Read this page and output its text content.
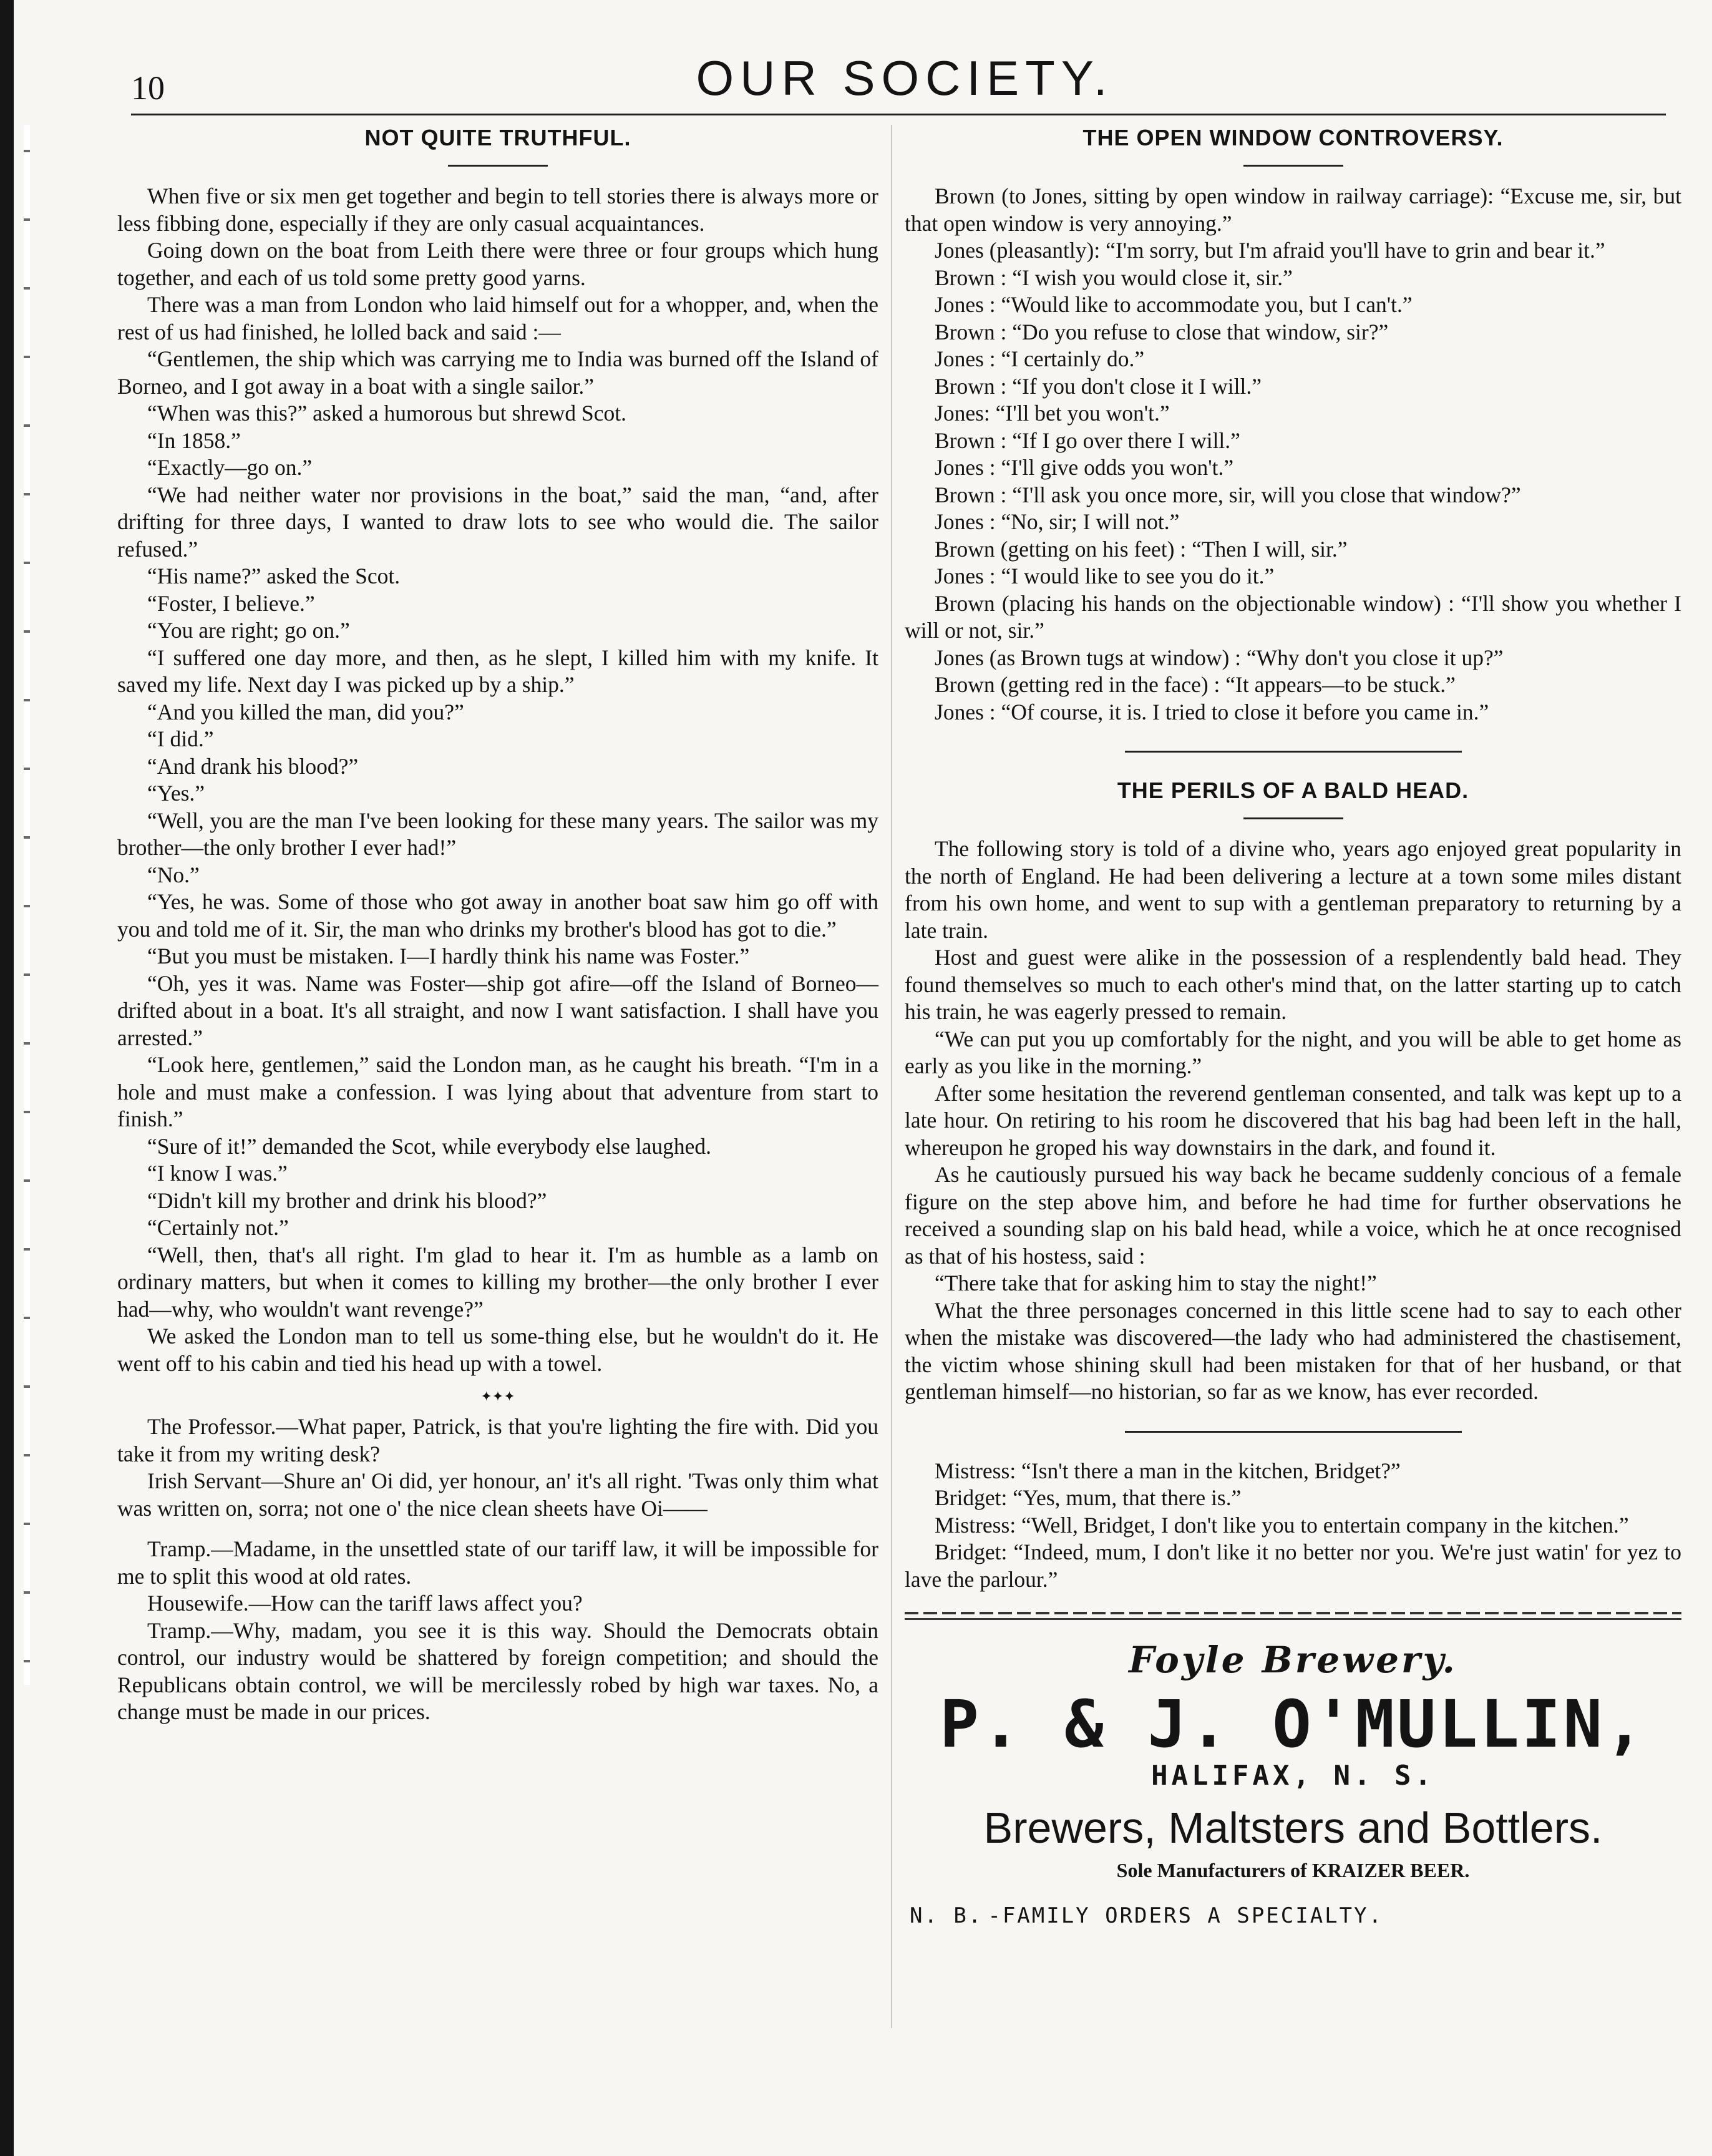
10	OUR SOCIETY.
NOT QUITE TRUTHFUL.

When five or six men get together and begin to tell stories there is always more or less fibbing done, especially if they are only casual acquaintances.

Going down on the boat from Leith there were three or four groups which hung together, and each of us told some pretty good yarns.

There was a man from London who laid himself out for a whopper, and, when the rest of us had finished, he lolled back and said :—

“Gentlemen, the ship which was carrying me to India was burned off the Island of Borneo, and I got away in a boat with a single sailor.”

“When was this?” asked a humorous but shrewd Scot.

“In 1858.”

“Exactly—go on.”

“We had neither water nor provisions in the boat,” said the man, “and, after drifting for three days, I wanted to draw lots to see who would die. The sailor refused.”

“His name?” asked the Scot.

“Foster, I believe.”

“You are right; go on.”

“I suffered one day more, and then, as he slept, I killed him with my knife. It saved my life. Next day I was picked up by a ship.”

“And you killed the man, did you?”

“I did.”

“And drank his blood?”

“Yes.”

“Well, you are the man I've been looking for these many years. The sailor was my brother—the only brother I ever had!”

“No.”

“Yes, he was. Some of those who got away in another boat saw him go off with you and told me of it. Sir, the man who drinks my brother's blood has got to die.”

“But you must be mistaken. I—I hardly think his name was Foster.”

“Oh, yes it was. Name was Foster—ship got afire—off the Island of Borneo—drifted about in a boat. It's all straight, and now I want satisfaction. I shall have you arrested.”

“Look here, gentlemen,” said the London man, as he caught his breath. “I'm in a hole and must make a confession. I was lying about that adventure from start to finish.”

“Sure of it!” demanded the Scot, while everybody else laughed.

“I know I was.”

“Didn't kill my brother and drink his blood?”

“Certainly not.”

“Well, then, that's all right. I'm glad to hear it. I'm as humble as a lamb on ordinary matters, but when it comes to killing my brother—the only brother I ever had—why, who wouldn't want revenge?”

We asked the London man to tell us some-thing else, but he wouldn't do it. He went off to his cabin and tied his head up with a towel.

✦✦✦

The Professor.—What paper, Patrick, is that you're lighting the fire with. Did you take it from my writing desk?

Irish Servant—Shure an' Oi did, yer honour, an' it's all right. 'Twas only thim what was written on, sorra; not one o' the nice clean sheets have Oi——

Tramp.—Madame, in the unsettled state of our tariff law, it will be impossible for me to split this wood at old rates.

Housewife.—How can the tariff laws affect you?

Tramp.—Why, madam, you see it is this way. Should the Democrats obtain control, our industry would be shattered by foreign competition; and should the Republicans obtain control, we will be mercilessly robed by high war taxes. No, a change must be made in our prices.

THE OPEN WINDOW CONTROVERSY.

Brown (to Jones, sitting by open window in railway carriage): “Excuse me, sir, but that open window is very annoying.”

Jones (pleasantly): “I'm sorry, but I'm afraid you'll have to grin and bear it.”

Brown : “I wish you would close it, sir.”

Jones : “Would like to accommodate you, but I can't.”

Brown : “Do you refuse to close that window, sir?”

Jones : “I certainly do.”

Brown : “If you don't close it I will.”

Jones: “I'll bet you won't.”

Brown : “If I go over there I will.”

Jones : “I'll give odds you won't.”

Brown : “I'll ask you once more, sir, will you close that window?”

Jones : “No, sir; I will not.”

Brown (getting on his feet) : “Then I will, sir.”

Jones : “I would like to see you do it.”

Brown (placing his hands on the objectionable window) : “I'll show you whether I will or not, sir.”

Jones (as Brown tugs at window) : “Why don't you close it up?”

Brown (getting red in the face) : “It appears—to be stuck.”

Jones : “Of course, it is. I tried to close it before you came in.”

THE PERILS OF A BALD HEAD.

The following story is told of a divine who, years ago enjoyed great popularity in the north of England. He had been delivering a lecture at a town some miles distant from his own home, and went to sup with a gentleman preparatory to returning by a late train.

Host and guest were alike in the possession of a resplendently bald head. They found themselves so much to each other's mind that, on the latter starting up to catch his train, he was eagerly pressed to remain.

“We can put you up comfortably for the night, and you will be able to get home as early as you like in the morning.”

After some hesitation the reverend gentleman consented, and talk was kept up to a late hour. On retiring to his room he discovered that his bag had been left in the hall, whereupon he groped his way downstairs in the dark, and found it.

As he cautiously pursued his way back he became suddenly concious of a female figure on the step above him, and before he had time for further observations he received a sounding slap on his bald head, while a voice, which he at once recognised as that of his hostess, said :

“There take that for asking him to stay the night!”

What the three personages concerned in this little scene had to say to each other when the mistake was discovered—the lady who had administered the chastisement, the victim whose shining skull had been mistaken for that of her husband, or that gentleman himself—no historian, so far as we know, has ever recorded.

Mistress: “Isn't there a man in the kitchen, Bridget?”

Bridget: “Yes, mum, that there is.”

Mistress: “Well, Bridget, I don't like you to entertain company in the kitchen.”

Bridget: “Indeed, mum, I don't like it no better nor you. We're just watin' for yez to lave the parlour.”

Foyle Brewery.
P. & J. O'MULLIN,
HALIFAX, N. S.
Brewers, Maltsters and Bottlers.
Sole Manufacturers of KRAIZER BEER.
N. B. -FAMILY ORDERS A SPECIALTY.
